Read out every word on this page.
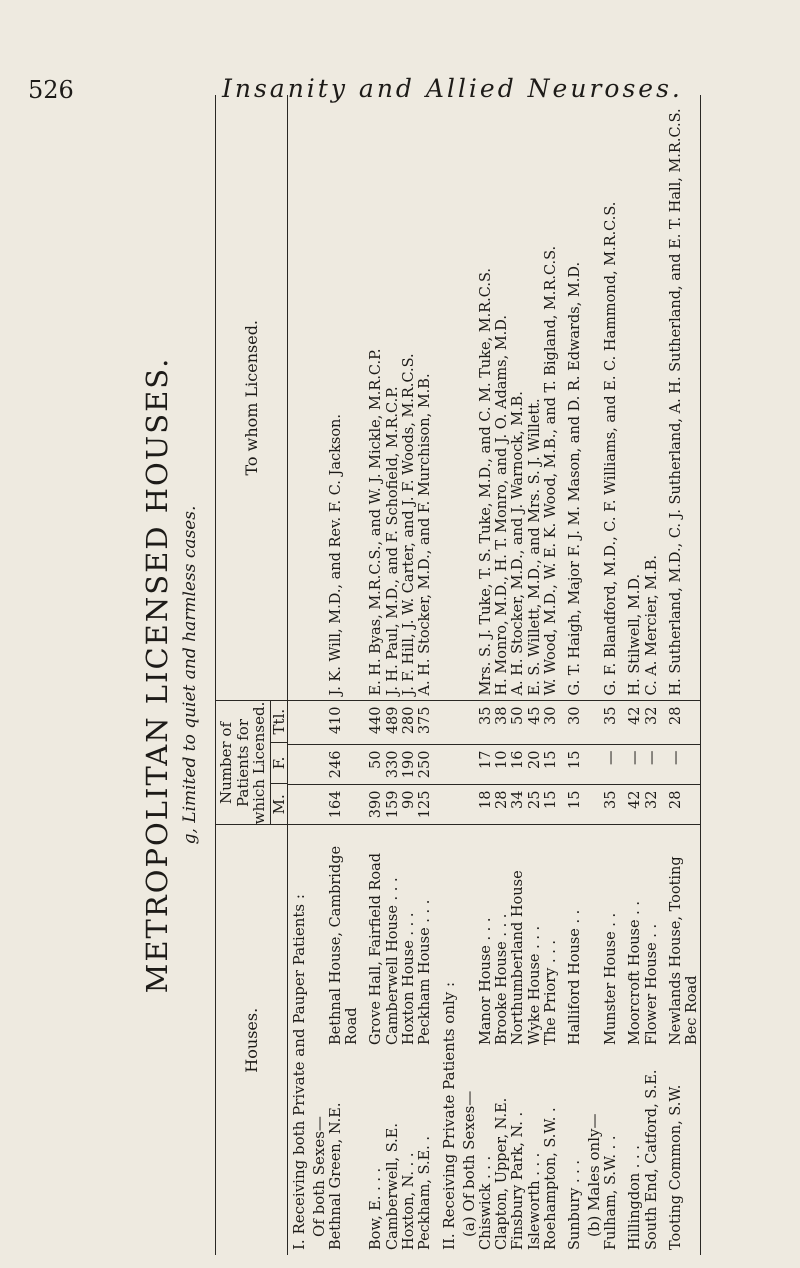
526	Insanity and Allied Neuroses.
METROPOLITAN LICENSED HOUSES. g, Limited to quiet and harmless cases.
Houses.		Number of Patients for which Licensed. M.
F.
Ttl.			To whom Licensed.
I. Receiving both Private and Pauper Patients :					
Of both Sexes—					
Bethnal Green, N.E.	Bethnal House, Cambridge Road	164	246	410	J. K. Will, M.D., and Rev. F. C. Jackson.
Bow, E. . . .	Grove Hall, Fairfield Road	390	50	440	E. H. Byas, M.R.C.S., and W. J. Mickle, M.R.C.P.
Camberwell, S.E.	Camberwell House . . .	159	330	489	J. H. Paul, M.D., and F. Schofield, M.R.C.P.
Hoxton, N. . .	Hoxton House . . .	90	190	280	J. F. Hill, J. W. Carter, and J. F. Woods, M.R.C.S.
Peckham, S.E. .	Peckham House . . .	125	250	375	A. H. Stocker, M.D., and F. Murchison, M.B.
II. Receiving Private Patients only :					
(a) Of both Sexes—					
Chiswick . . .	Manor House . . .	18	17	35	Mrs. S. J. Tuke, T. S. Tuke, M.D., and C. M. Tuke, M.R.C.S.
Clapton, Upper, N.E.	Brooke House . . .	28	10	38	H. Monro, M.D., H. T. Monro, and J. O. Adams, M.D.
Finsbury Park, N. .	Northumberland House	34	16	50	A. H. Stocker, M.D., and J. Warnock, M.B.
Isleworth . . .	Wyke House . . .	25	20	45	E. S. Willett, M.D., and Mrs. S. J. Willett.
Roehampton, S.W. .	The Priory . . .	15	15	30	W. Wood, M.D., W. E. K. Wood, M.B., and T. Bigland, M.R.C.S.
Sunbury . . .	Halliford House . .	15	15	30	G. T. Haigh, Major F. J. M. Mason, and D. R. Edwards, M.D.
(b) Males only—					
Fulham, S.W. . .	Munster House . .	35	—	35	G. F. Blandford, M.D., C. F. Williams, and E. C. Hammond, M.R.C.S.
Hillingdon . . .	Moorcroft House . .	42	—	42	H. Stilwell, M.D.
South End, Catford, S.E.	Flower House . .	32	—	32	C. A. Mercier, M.B.
Tooting Common, S.W.	Newlands House, Tooting Bec Road	28	—	28	H. Sutherland, M.D., C. J. Sutherland, A. H. Sutherland, and E. T. Hall, M.R.C.S.
